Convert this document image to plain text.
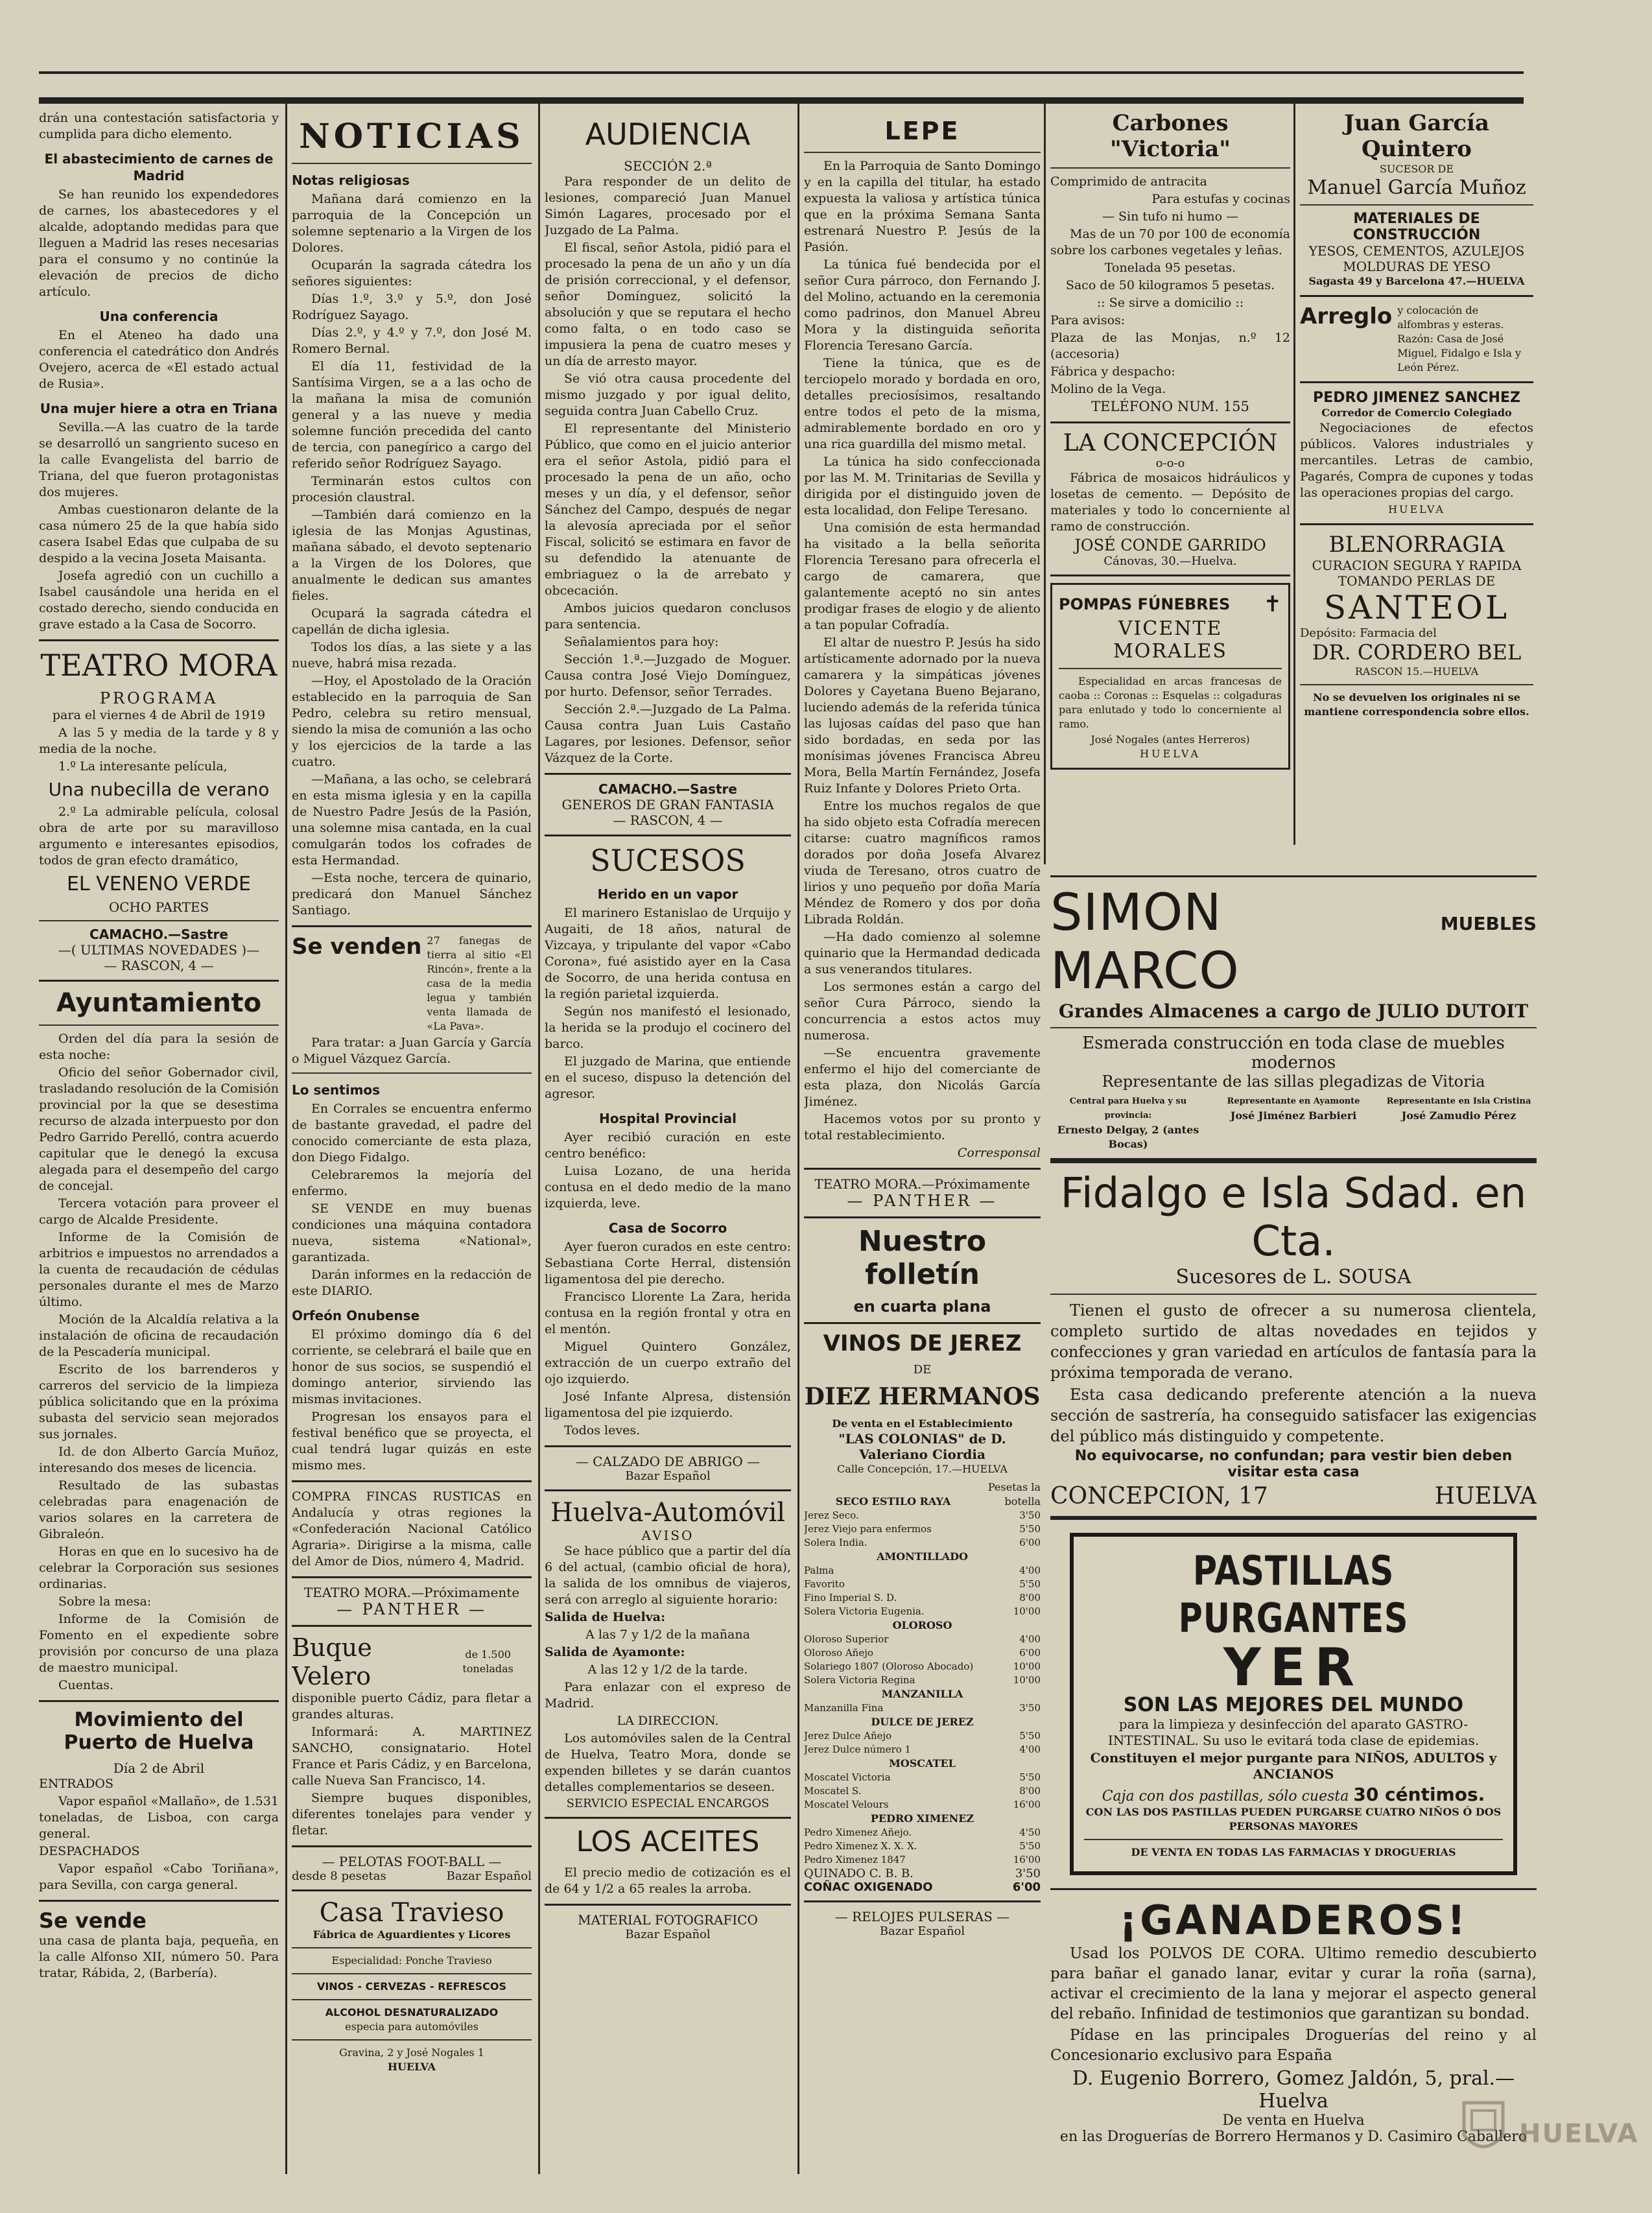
drán una contestación satisfactoria y cumplida para dicho elemento.

El abastecimiento de carnes de Madrid

Se han reunido los expendedores de carnes, los abastecedores y el alcalde, adoptando medidas para que lleguen a Madrid las reses necesarias para el consumo y no continúe la elevación de precios de dicho artículo.

Una conferencia

En el Ateneo ha dado una conferencia el catedrático don Andrés Ovejero, acerca de «El estado actual de Rusia».

Una mujer hiere a otra en Triana

Sevilla.—A las cuatro de la tarde se desarrolló un sangriento suceso en la calle Evangelista del barrio de Triana, del que fueron protagonistas dos mujeres.

Ambas cuestionaron delante de la casa número 25 de la que había sido casera Isabel Edas que culpaba de su despido a la vecina Joseta Maisanta.

Josefa agredió con un cuchillo a Isabel causándole una herida en el costado derecho, siendo conducida en grave estado a la Casa de Socorro.

TEATRO MORA
PROGRAMA

para el viernes 4 de Abril de 1919

A las 5 y media de la tarde y 8 y media de la noche.

1.º La interesante película,

Una nubecilla de verano

2.º La admirable película, colosal obra de arte por su maravilloso argumento e interesantes episodios, todos de gran efecto dramático,

EL VENENO VERDE
OCHO PARTES
CAMACHO.—Sastre
—( ULTIMAS NOVEDADES )—
— RASCON, 4 —
Ayuntamiento

Orden del día para la sesión de esta noche:

Oficio del señor Gobernador civil, trasladando resolución de la Comisión provincial por la que se desestima recurso de alzada interpuesto por don Pedro Garrido Perelló, contra acuerdo capitular que le denegó la excusa alegada para el desempeño del cargo de concejal.

Tercera votación para proveer el cargo de Alcalde Presidente.

Informe de la Comisión de arbitrios e impuestos no arrendados a la cuenta de recaudación de cédulas personales durante el mes de Marzo último.

Moción de la Alcaldía relativa a la instalación de oficina de recaudación de la Pescadería municipal.

Escrito de los barrenderos y carreros del servicio de la limpieza pública solicitando que en la próxima subasta del servicio sean mejorados sus jornales.

Id. de don Alberto García Muñoz, interesando dos meses de licencia.

Resultado de las subastas celebradas para enagenación de varios solares en la carretera de Gibraleón.

Horas en que en lo sucesivo ha de celebrar la Corporación sus sesiones ordinarias.

Sobre la mesa:

Informe de la Comisión de Fomento en el expediente sobre provisión por concurso de una plaza de maestro municipal.

Cuentas.

Movimiento del Puerto de Huelva
Día 2 de Abril

ENTRADOS

Vapor español «Mallaño», de 1.531 toneladas, de Lisboa, con carga general.

DESPACHADOS

Vapor español «Cabo Toriñana», para Sevilla, con carga general.

Se vende

una casa de planta baja, pequeña, en la calle Alfonso XII, número 50. Para tratar, Rábida, 2, (Barbería).

NOTICIAS
Notas religiosas

Mañana dará comienzo en la parroquia de la Concepción un solemne septenario a la Virgen de los Dolores.

Ocuparán la sagrada cátedra los señores siguientes:

Días 1.º, 3.º y 5.º, don José Rodríguez Sayago.

Días 2.º, y 4.º y 7.º, don José M. Romero Bernal.

El día 11, festividad de la Santísima Virgen, se a a las ocho de la mañana la misa de comunión general y a las nueve y media solemne función precedida del canto de tercia, con panegírico a cargo del referido señor Rodríguez Sayago.

Terminarán estos cultos con procesión claustral.

—También dará comienzo en la iglesia de las Monjas Agustinas, mañana sábado, el devoto septenario a la Virgen de los Dolores, que anualmente le dedican sus amantes fieles.

Ocupará la sagrada cátedra el capellán de dicha iglesia.

Todos los días, a las siete y a las nueve, habrá misa rezada.

—Hoy, el Apostolado de la Oración establecido en la parroquia de San Pedro, celebra su retiro mensual, siendo la misa de comunión a las ocho y los ejercicios de la tarde a las cuatro.

—Mañana, a las ocho, se celebrará en esta misma iglesia y en la capilla de Nuestro Padre Jesús de la Pasión, una solemne misa cantada, en la cual comulgarán todos los cofrades de esta Hermandad.

—Esta noche, tercera de quinario, predicará don Manuel Sánchez Santiago.

Se venden 27 fanegas de tierra al sitio «El Rincón», frente a la casa de la media legua y también venta llamada de «La Pava».

Para tratar: a Juan García y García o Miguel Vázquez García.

Lo sentimos

En Corrales se encuentra enfermo de bastante gravedad, el padre del conocido comerciante de esta plaza, don Diego Fidalgo.

Celebraremos la mejoría del enfermo.

SE VENDE en muy buenas condiciones una máquina contadora nueva, sistema «National», garantizada.

Darán informes en la redacción de este DIARIO.

Orfeón Onubense

El próximo domingo día 6 del corriente, se celebrará el baile que en honor de sus socios, se suspendió el domingo anterior, sirviendo las mismas invitaciones.

Progresan los ensayos para el festival benéfico que se proyecta, el cual tendrá lugar quizás en este mismo mes.

COMPRA FINCAS RUSTICAS en Andalucía y otras regiones la «Confederación Nacional Católico Agraria». Dirigirse a la misma, calle del Amor de Dios, número 4, Madrid.

TEATRO MORA.—Próximamente
— PANTHER —
Buque Velero
de 1.500 toneladas

disponible puerto Cádiz, para fletar a grandes alturas.

Informará: A. MARTINEZ SANCHO, consignatario. Hotel France et Paris Cádiz, y en Barcelona, calle Nueva San Francisco, 14.

Siempre buques disponibles, diferentes tonelajes para vender y fletar.

— PELOTAS FOOT-BALL —
desde 8 pesetas	Bazar Español
Casa Travieso
Fábrica de Aguardientes y Licores
Especialidad: Ponche Travieso
VINOS - CERVEZAS - REFRESCOS
ALCOHOL DESNATURALIZADO
especia para automóviles
Gravina, 2 y José Nogales 1
HUELVA
AUDIENCIA
SECCIÓN 2.ª

Para responder de un delito de lesiones, compareció Juan Manuel Simón Lagares, procesado por el Juzgado de La Palma.

El fiscal, señor Astola, pidió para el procesado la pena de un año y un día de prisión correccional, y el defensor, señor Domínguez, solicitó la absolución y que se reputara el hecho como falta, o en todo caso se impusiera la pena de cuatro meses y un día de arresto mayor.

Se vió otra causa procedente del mismo juzgado y por igual delito, seguida contra Juan Cabello Cruz.

El representante del Ministerio Público, que como en el juicio anterior era el señor Astola, pidió para el procesado la pena de un año, ocho meses y un día, y el defensor, señor Sánchez del Campo, después de negar la alevosía apreciada por el señor Fiscal, solicitó se estimara en favor de su defendido la atenuante de embriaguez o la de arrebato y obcecación.

Ambos juicios quedaron conclusos para sentencia.

Señalamientos para hoy:

Sección 1.ª.—Juzgado de Moguer. Causa contra José Viejo Domínguez, por hurto. Defensor, señor Terrades.

Sección 2.ª.—Juzgado de La Palma. Causa contra Juan Luis Castaño Lagares, por lesiones. Defensor, señor Vázquez de la Corte.

CAMACHO.—Sastre
GENEROS DE GRAN FANTASIA
— RASCON, 4 —
SUCESOS
Herido en un vapor

El marinero Estanislao de Urquijo y Augaiti, de 18 años, natural de Vizcaya, y tripulante del vapor «Cabo Corona», fué asistido ayer en la Casa de Socorro, de una herida contusa en la región parietal izquierda.

Según nos manifestó el lesionado, la herida se la produjo el cocinero del barco.

El juzgado de Marina, que entiende en el suceso, dispuso la detención del agresor.

Hospital Provincial

Ayer recibió curación en este centro benéfico:

Luisa Lozano, de una herida contusa en el dedo medio de la mano izquierda, leve.

Casa de Socorro

Ayer fueron curados en este centro: Sebastiana Corte Herral, distensión ligamentosa del pie derecho.

Francisco Llorente La Zara, herida contusa en la región frontal y otra en el mentón.

Miguel Quintero González, extracción de un cuerpo extraño del ojo izquierdo.

José Infante Alpresa, distensión ligamentosa del pie izquierdo.

Todos leves.

— CALZADO DE ABRIGO —
Bazar Español
Huelva-Automóvil
AVISO

Se hace público que a partir del día 6 del actual, (cambio oficial de hora), la salida de los omnibus de viajeros, será con arreglo al siguiente horario:

Salida de Huelva:

A las 7 y 1/2 de la mañana

Salida de Ayamonte:

A las 12 y 1/2 de la tarde.

Para enlazar con el expreso de Madrid.

LA DIRECCION.

Los automóviles salen de la Central de Huelva, Teatro Mora, donde se expenden billetes y se darán cuantos detalles complementarios se deseen.

SERVICIO ESPECIAL ENCARGOS
LOS ACEITES

El precio medio de cotización es el de 64 y 1/2 a 65 reales la arroba.

MATERIAL FOTOGRAFICO
Bazar Español
LEPE

En la Parroquia de Santo Domingo y en la capilla del titular, ha estado expuesta la valiosa y artística túnica que en la próxima Semana Santa estrenará Nuestro P. Jesús de la Pasión.

La túnica fué bendecida por el señor Cura párroco, don Fernando J. del Molino, actuando en la ceremonia como padrinos, don Manuel Abreu Mora y la distinguida señorita Florencia Teresano García.

Tiene la túnica, que es de terciopelo morado y bordada en oro, detalles preciosísimos, resaltando entre todos el peto de la misma, admirablemente bordado en oro y una rica guardilla del mismo metal.

La túnica ha sido confeccionada por las M. M. Trinitarias de Sevilla y dirigida por el distinguido joven de esta localidad, don Felipe Teresano.

Una comisión de esta hermandad ha visitado a la bella señorita Florencia Teresano para ofrecerla el cargo de camarera, que galantemente aceptó no sin antes prodigar frases de elogio y de aliento a tan popular Cofradía.

El altar de nuestro P. Jesús ha sido artísticamente adornado por la nueva camarera y la simpáticas jóvenes Dolores y Cayetana Bueno Bejarano, luciendo además de la referida túnica las lujosas caídas del paso que han sido bordadas, en seda por las monísimas jóvenes Francisca Abreu Mora, Bella Martín Fernández, Josefa Ruiz Infante y Dolores Prieto Orta.

Entre los muchos regalos de que ha sido objeto esta Cofradía merecen citarse: cuatro magníficos ramos dorados por doña Josefa Alvarez viuda de Teresano, otros cuatro de lirios y uno pequeño por doña María Méndez de Romero y dos por doña Librada Roldán.

—Ha dado comienzo al solemne quinario que la Hermandad dedicada a sus venerandos titulares.

Los sermones están a cargo del señor Cura Párroco, siendo la concurrencia a estos actos muy numerosa.

—Se encuentra gravemente enfermo el hijo del comerciante de esta plaza, don Nicolás García Jiménez.

Hacemos votos por su pronto y total restablecimiento.

Corresponsal

TEATRO MORA.—Próximamente
— PANTHER —
Nuestro folletín
en cuarta plana
VINOS DE JEREZ
DE
DIEZ HERMANOS
De venta en el Establecimiento
"LAS COLONIAS" de D. Valeriano Ciordia
Calle Concepción, 17.—HUELVA
SECO ESTILO RAYA
Pesetas la botella
Jerez Seco.	3'50
Jerez Viejo para enfermos	5'50
Solera India.	6'00
AMONTILLADO
Palma	4'00
Favorito	5'50
Fino Imperial S. D.	8'00
Solera Victoria Eugenia.	10'00
OLOROSO
Oloroso Superior	4'00
Oloroso Añejo	6'00
Solariego 1807 (Oloroso Abocado)	10'00
Solera Victoria Regina	10'00
MANZANILLA
Manzanilla Fina	3'50
DULCE DE JEREZ
Jerez Dulce Añejo	5'50
Jerez Dulce número 1	4'00
MOSCATEL
Moscatel Victoria	5'50
Moscatel S.	8'00
Moscatel Velours	16'00
PEDRO XIMENEZ
Pedro Ximenez Añejo.	4'50
Pedro Ximenez X. X. X.	5'50
Pedro Ximenez 1847	16'00
QUINADO C. B. B.	3'50
COÑAC OXIGENADO	6'00
— RELOJES PULSERAS —
Bazar Español
Carbones "Victoria"

Comprimido de antracita

Para estufas y cocinas

— Sin tufo ni humo —

Mas de un 70 por 100 de economía sobre los carbones vegetales y leñas.

Tonelada 95 pesetas.

Saco de 50 kilogramos 5 pesetas.

:: Se sirve a domicilio ::

Para avisos:

Plaza de las Monjas, n.º 12 (accesoria)

Fábrica y despacho:

Molino de la Vega.

TELÉFONO NUM. 155

LA CONCEPCIÓN
o-o-o

Fábrica de mosaicos hidráulicos y losetas de cemento. — Depósito de materiales y todo lo concerniente al ramo de construcción.

JOSÉ CONDE GARRIDO
Cánovas, 30.—Huelva.
POMPAS FÚNEBRES ✝
VICENTE MORALES

Especialidad en arcas francesas de caoba :: Coronas :: Esquelas :: colgaduras para enlutado y todo lo concerniente al ramo.

José Nogales (antes Herreros)
HUELVA
Juan García Quintero
SUCESOR DE
Manuel García Muñoz
MATERIALES DE CONSTRUCCIÓN
YESOS, CEMENTOS, AZULEJOS
MOLDURAS DE YESO
Sagasta 49 y Barcelona 47.—HUELVA
Arreglo y colocación de alfombras y esteras. Razón: Casa de José Miguel, Fidalgo e Isla y León Pérez.
PEDRO JIMENEZ SANCHEZ
Corredor de Comercio Colegiado

Negociaciones de efectos públicos. Valores industriales y mercantiles. Letras de cambio, Pagarés, Compra de cupones y todas las operaciones propias del cargo.

HUELVA
BLENORRAGIA
CURACION SEGURA Y RAPIDA
TOMANDO PERLAS DE
SANTEOL
Depósito: Farmacia del
DR. CORDERO BEL
RASCON 15.—HUELVA
No se devuelven los originales ni se mantiene correspondencia sobre ellos.
SIMON MARCO
MUEBLES
Grandes Almacenes a cargo de JULIO DUTOIT
Esmerada construcción en toda clase de muebles modernos
Representante de las sillas plegadizas de Vitoria
Central para Huelva y su provincia:
Ernesto Delgay, 2 (antes Bocas)
Representante en Ayamonte
José Jiménez Barbieri
Representante en Isla Cristina
José Zamudio Pérez
Fidalgo e Isla Sdad. en Cta.
Sucesores de L. SOUSA

Tienen el gusto de ofrecer a su numerosa clientela, completo surtido de altas novedades en tejidos y confecciones y gran variedad en artículos de fantasía para la próxima temporada de verano.

Esta casa dedicando preferente atención a la nueva sección de sastrería, ha conseguido satisfacer las exigencias del público más distinguido y competente.

No equivocarse, no confundan; para vestir bien deben visitar esta casa
CONCEPCION, 17	HUELVA
PASTILLAS PURGANTES
YER
SON LAS MEJORES DEL MUNDO

para la limpieza y desinfección del aparato GASTRO-INTESTINAL. Su uso le evitará toda clase de epidemias.

Constituyen el mejor purgante para NIÑOS, ADULTOS y ANCIANOS

Caja con dos pastillas, sólo cuesta 30 céntimos.

CON LAS DOS PASTILLAS PUEDEN PURGARSE CUATRO NIÑOS Ó DOS PERSONAS MAYORES

DE VENTA EN TODAS LAS FARMACIAS Y DROGUERIAS

¡GANADEROS!

Usad los POLVOS DE CORA. Ultimo remedio descubierto para bañar el ganado lanar, evitar y curar la roña (sarna), activar el crecimiento de la lana y mejorar el aspecto general del rebaño. Infinidad de testimonios que garantizan su bondad.

Pídase en las principales Droguerías del reino y al Concesionario exclusivo para España

D. Eugenio Borrero, Gomez Jaldón, 5, pral.—Huelva
De venta en Huelva
en las Droguerías de Borrero Hermanos y D. Casimiro Caballero
HUELVA
